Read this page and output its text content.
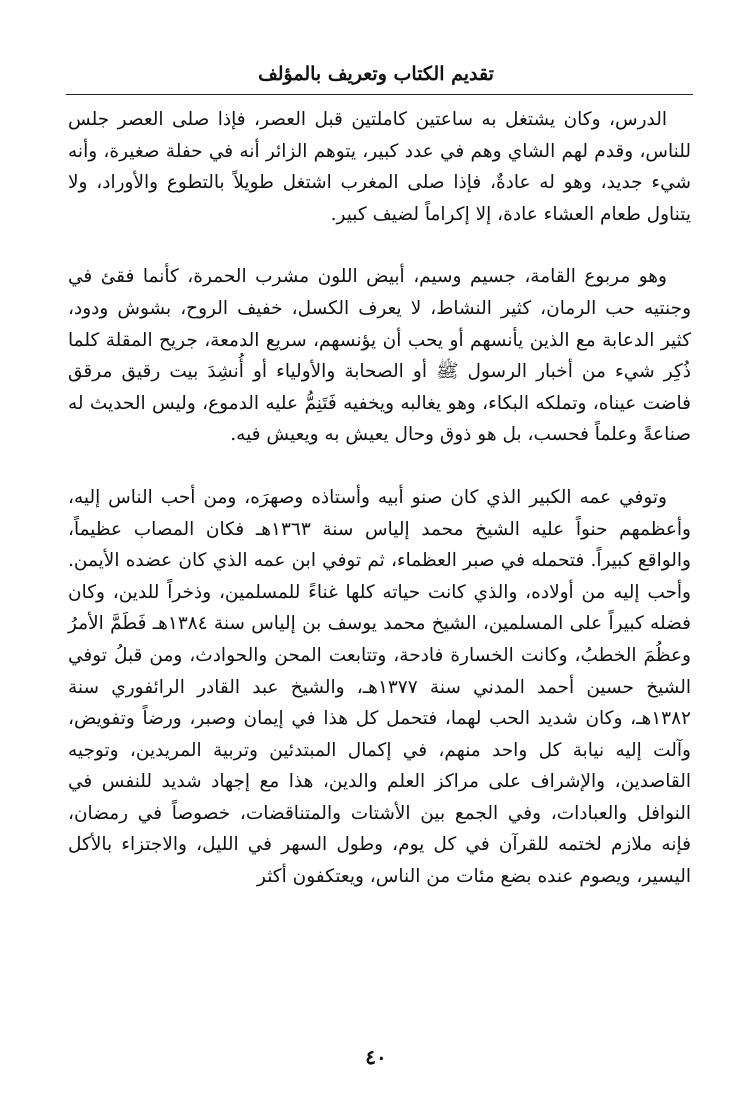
تقديم الكتاب وتعريف بالمؤلف

الدرس، وكان يشتغل به ساعتين كاملتين قبل العصر، فإذا صلى العصر جلس للناس، وقدم لهم الشاي وهم في عدد كبير، يتوهم الزائر أنه في حفلة صغيرة، وأنه شيء جديد، وهو له عادةٌ، فإذا صلى المغرب اشتغل طويلاً بالتطوع والأوراد، ولا يتناول طعام العشاء عادة، إلا إكراماً لضيف كبير.

وهو مربوع القامة، جسيم وسيم، أبيض اللون مشرب الحمرة، كأنما فقئ في وجنتيه حب الرمان، كثير النشاط، لا يعرف الكسل، خفيف الروح، بشوش ودود، كثير الدعابة مع الذين يأنسهم أو يحب أن يؤنسهم، سريع الدمعة، جريح المقلة كلما ذُكِر شيء من أخبار الرسول ﷺ أو الصحابة والأولياء أو أُنشِدَ بيت رقيق مرقق فاضت عيناه، وتملكه البكاء، وهو يغالبه ويخفيه فَتَنِمُّ عليه الدموع، وليس الحديث له صناعةً وعلماً فحسب، بل هو ذوق وحال يعيش به ويعيش فيه.

وتوفي عمه الكبير الذي كان صنو أبيه وأستاذه وصهرَه، ومن أحب الناس إليه، وأعظمهم حنواً عليه الشيخ محمد إلياس سنة ١٣٦٣هـ فكان المصاب عظيماً، والواقع كبيراً. فتحمله في صبر العظماء، ثم توفي ابن عمه الذي كان عضده الأيمن. وأحب إليه من أولاده، والذي كانت حياته كلها غناءً للمسلمين، وذخراً للدين، وكان فضله كبيراً على المسلمين، الشيخ محمد يوسف بن إلياس سنة ١٣٨٤هـ فَطَمَّ الأمرُ وعظُمَ الخطبُ، وكانت الخسارة فادحة، وتتابعت المحن والحوادث، ومن قبلُ توفي الشيخ حسين أحمد المدني سنة ١٣٧٧هـ، والشيخ عبد القادر الرائفوري سنة ١٣٨٢هـ، وكان شديد الحب لهما، فتحمل كل هذا في إيمان وصبر، ورضاً وتفويض، وآلت إليه نيابة كل واحد منهم، في إكمال المبتدئين وتربية المريدين، وتوجيه القاصدين، والإشراف على مراكز العلم والدين، هذا مع إجهاد شديد للنفس في النوافل والعبادات، وفي الجمع بين الأشتات والمتناقضات، خصوصاً في رمضان، فإنه ملازم لختمه للقرآن في كل يوم، وطول السهر في الليل، والاجتزاء بالأكل اليسير، ويصوم عنده بضع مئات من الناس، ويعتكفون أكثر

٤٠
